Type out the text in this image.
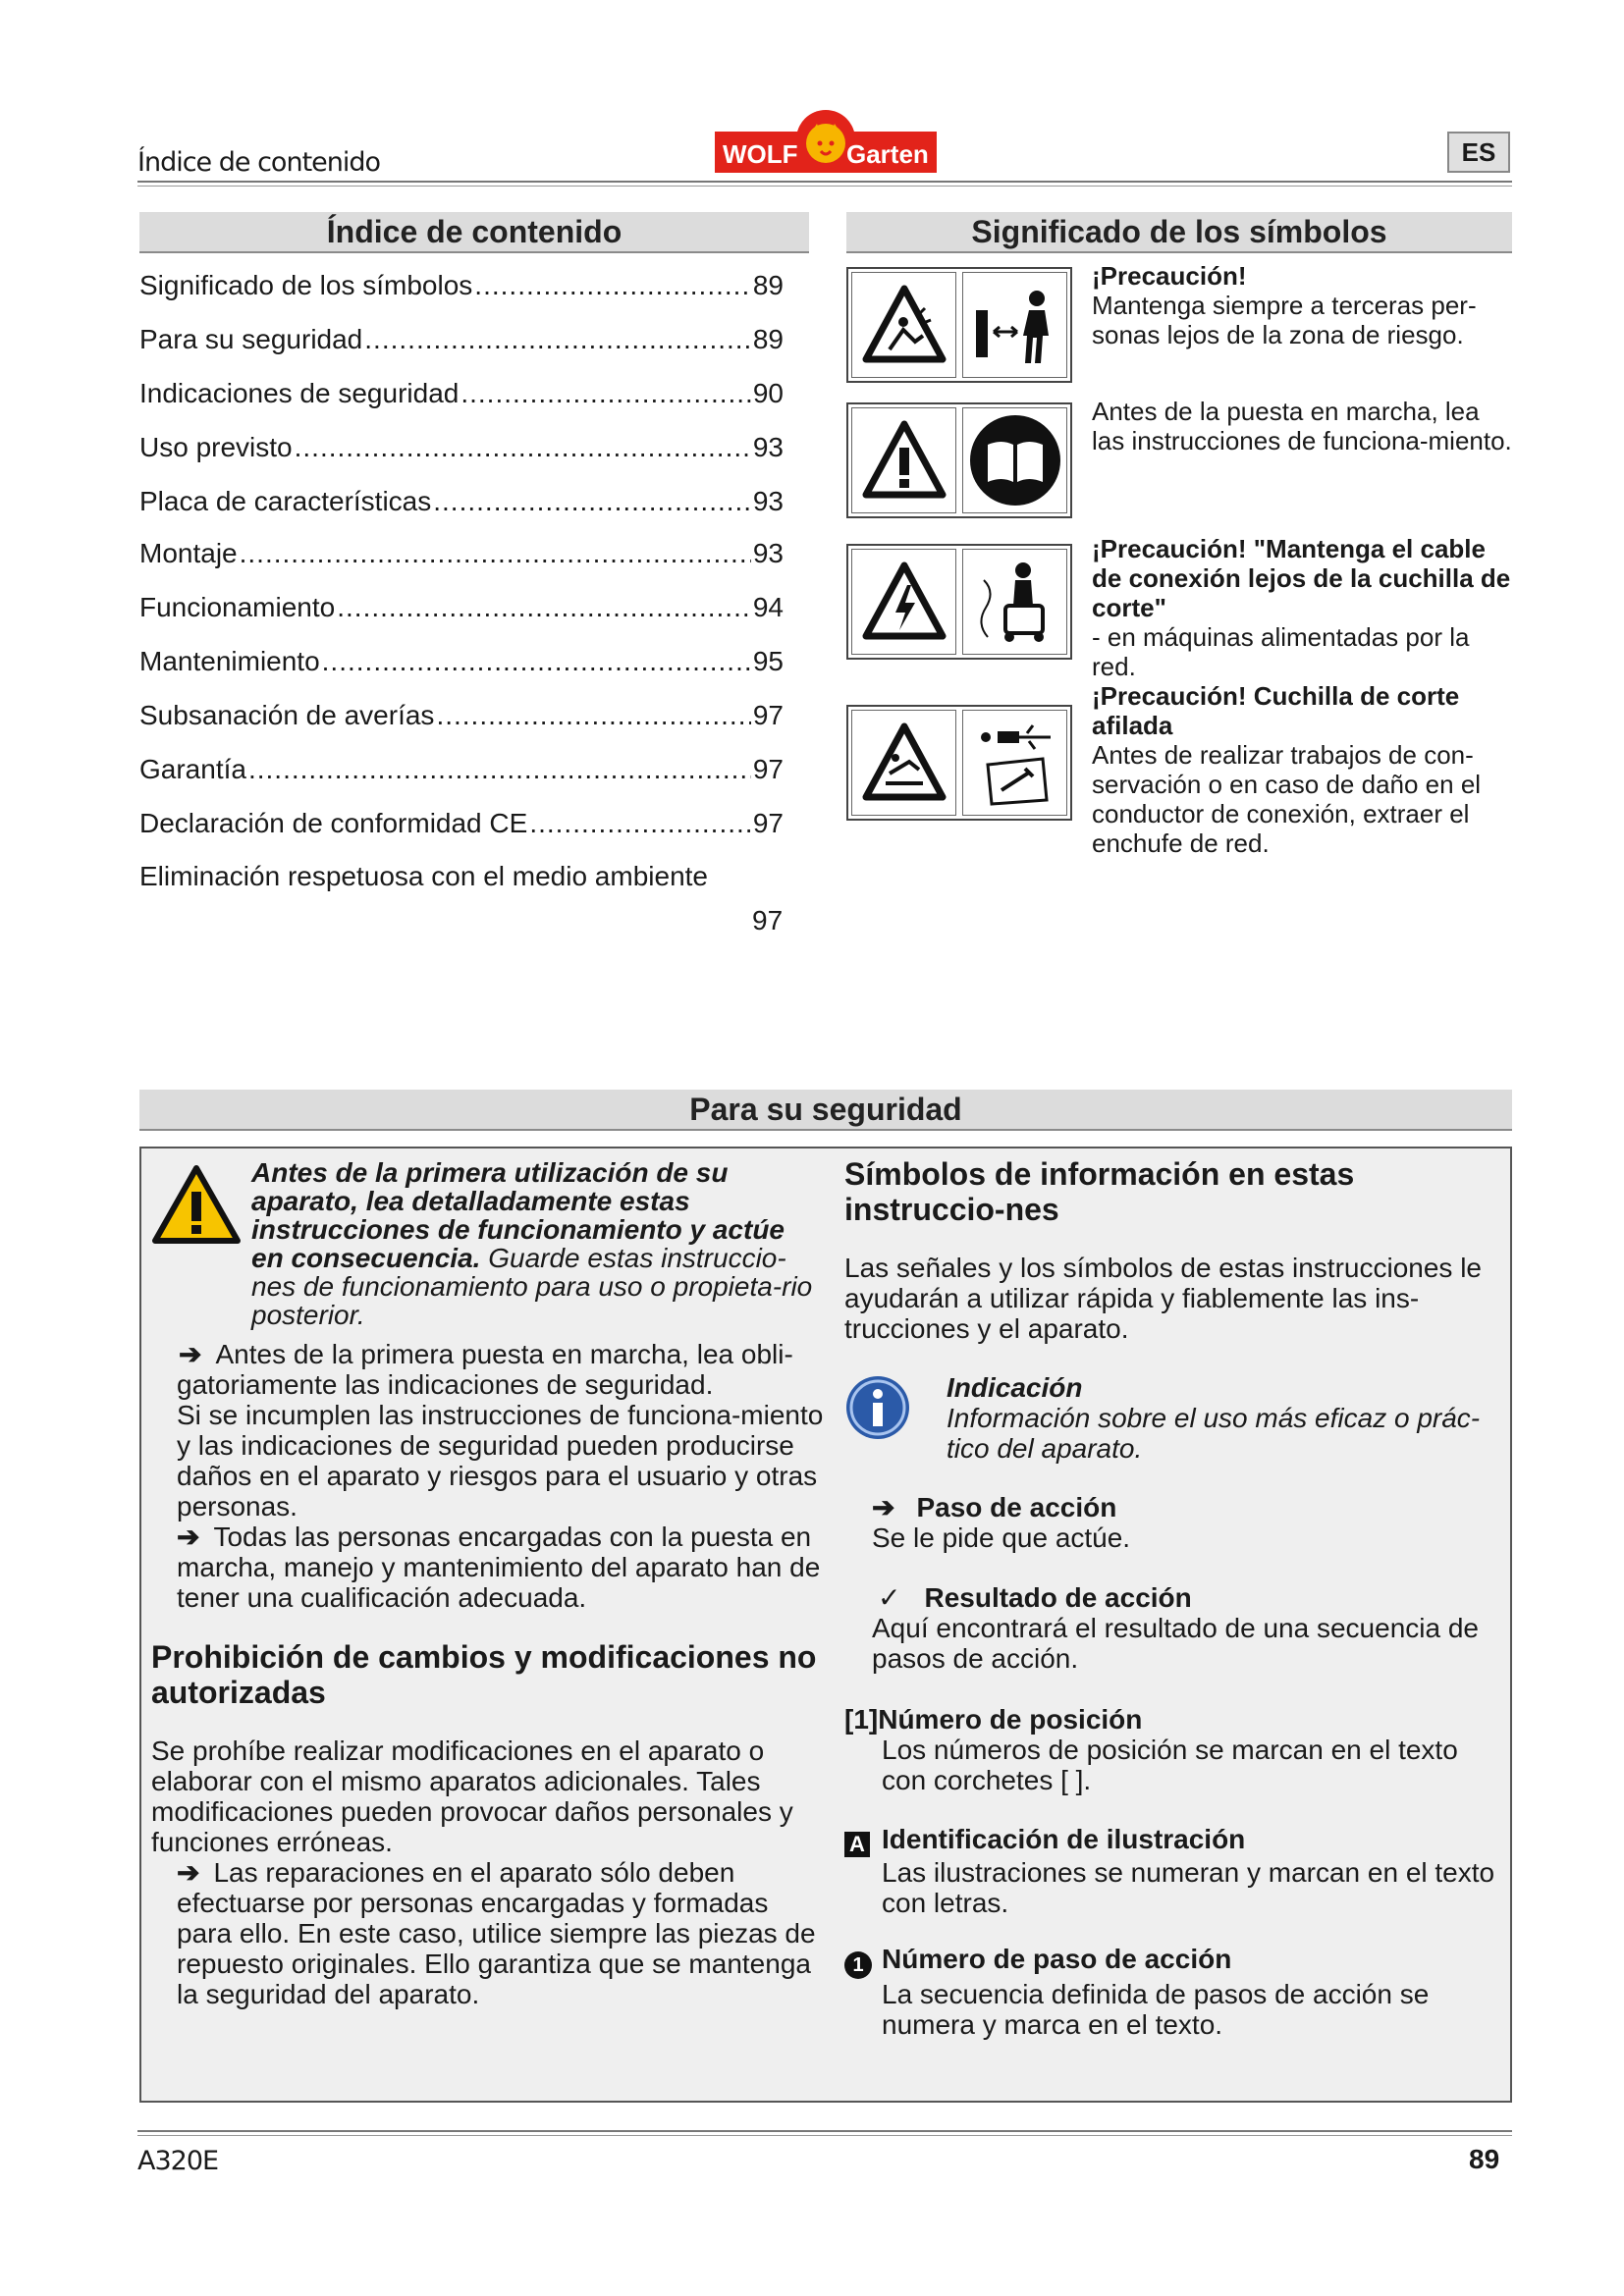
Índice de contenido	WOLF Garten	ES
Índice de contenido
Significado de los símbolos .....	89
Para su seguridad .....	89
Indicaciones de seguridad .....	90
Uso previsto .....	93
Placa de características .....	93
Montaje .....	93
Funcionamiento .....	94
Mantenimiento .....	95
Subsanación de averías .....	97
Garantía .....	97
Declaración de conformidad CE .....	97
Eliminación respetuosa con el medio ambiente
97
Significado de los símbolos
¡Precaución!
Mantenga siempre a terceras per-sonas lejos de la zona de riesgo.
Antes de la puesta en marcha, lea las instrucciones de funciona-miento.
¡Precaución! "Mantenga el cable de conexión lejos de la cuchilla de corte"
- en máquinas alimentadas por la red.
¡Precaución! Cuchilla de corte afilada
Antes de realizar trabajos de con-servación o en caso de daño en el conductor de conexión, extraer el enchufe de red.
Para su seguridad
Antes de la primera utilización de su aparato, lea detalladamente estas instrucciones de funcionamiento y actúe en consecuencia. Guarde estas instruccio-nes de funcionamiento para uso o propieta-rio posterior.
➔ Antes de la primera puesta en marcha, lea obli-gatoriamente las indicaciones de seguridad.
Si se incumplen las instrucciones de funciona-miento y las indicaciones de seguridad pueden producirse daños en el aparato y riesgos para el usuario y otras personas.
➔ Todas las personas encargadas con la puesta en marcha, manejo y mantenimiento del aparato han de tener una cualificación adecuada.
Prohibición de cambios y modificaciones no autorizadas
Se prohíbe realizar modificaciones en el aparato o elaborar con el mismo aparatos adicionales. Tales modificaciones pueden provocar daños personales y funciones erróneas.
➔ Las reparaciones en el aparato sólo deben efectuarse por personas encargadas y formadas para ello. En este caso, utilice siempre las piezas de repuesto originales. Ello garantiza que se mantenga la seguridad del aparato.
Símbolos de información en estas instruccio-nes
Las señales y los símbolos de estas instrucciones le ayudarán a utilizar rápida y fiablemente las ins-trucciones y el aparato.
Indicación
Información sobre el uso más eficaz o prác-tico del aparato.
➔ Paso de acción
Se le pide que actúe.
✓ Resultado de acción
Aquí encontrará el resultado de una secuencia de pasos de acción.
[1]Número de posición

Los números de posición se marcan en el texto con corchetes [ ].
A Identificación de ilustración

Las ilustraciones se numeran y marcan en el texto con letras.
1 Número de paso de acción

La secuencia definida de pasos de acción se numera y marca en el texto.
A320E	89
